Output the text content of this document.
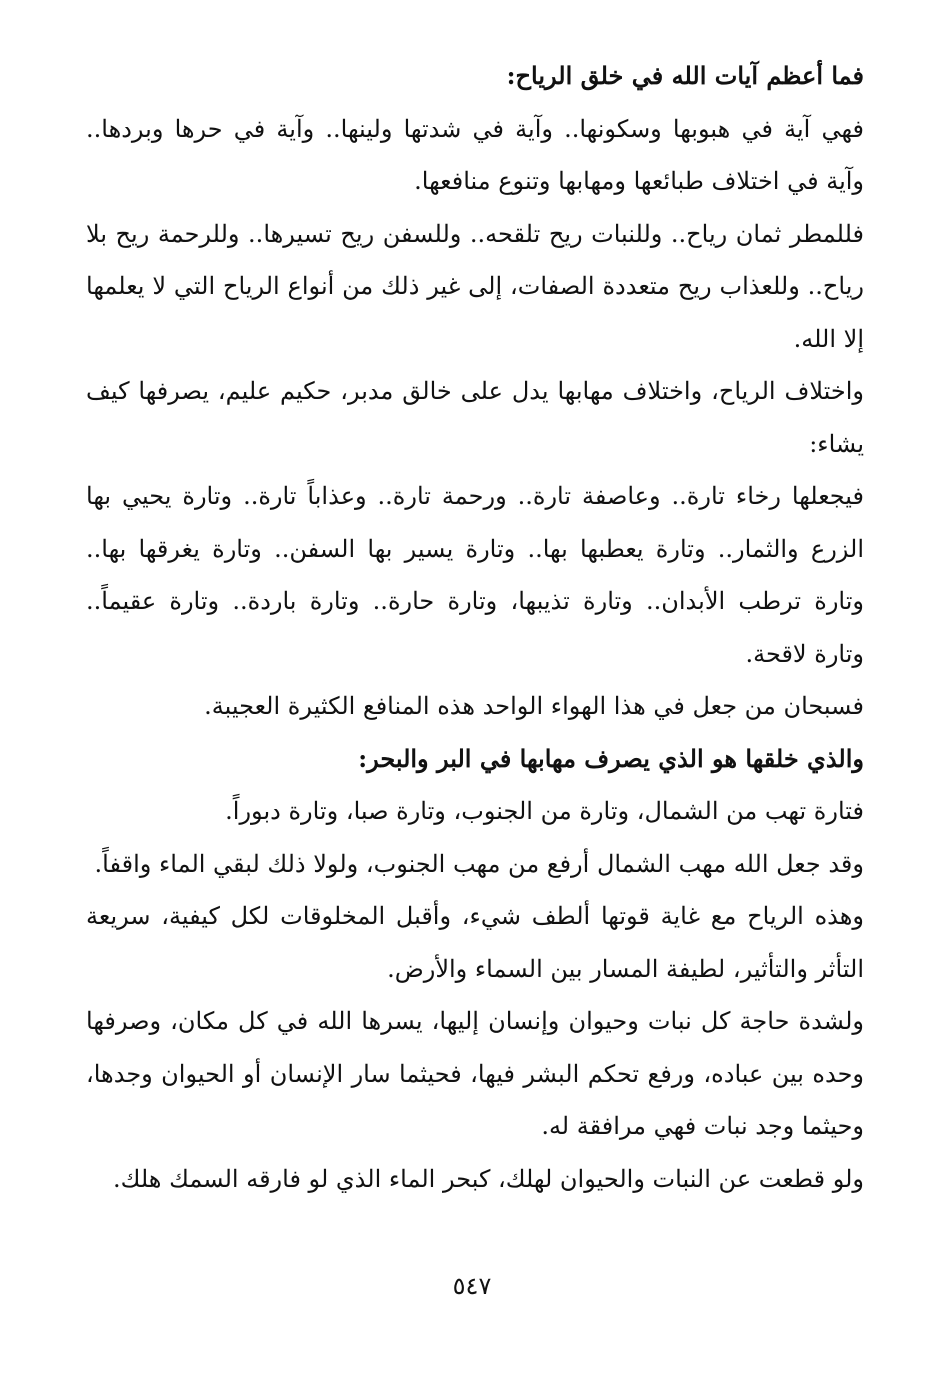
فما أعظم آيات الله في خلق الرياح:

فهي آية في هبوبها وسكونها.. وآية في شدتها ولينها.. وآية في حرها وبردها.. وآية في اختلاف طبائعها ومهابها وتنوع منافعها.

فللمطر ثمان رياح.. وللنبات ريح تلقحه.. وللسفن ريح تسيرها.. وللرحمة ريح بلا رياح.. وللعذاب ريح متعددة الصفات، إلى غير ذلك من أنواع الرياح التي لا يعلمها إلا الله.

واختلاف الرياح، واختلاف مهابها يدل على خالق مدبر، حكيم عليم، يصرفها كيف يشاء:

فيجعلها رخاء تارة.. وعاصفة تارة.. ورحمة تارة.. وعذاباً تارة.. وتارة يحيي بها الزرع والثمار.. وتارة يعطبها بها.. وتارة يسير بها السفن.. وتارة يغرقها بها.. وتارة ترطب الأبدان.. وتارة تذيبها، وتارة حارة.. وتارة باردة.. وتارة عقيماً.. وتارة لاقحة.

فسبحان من جعل في هذا الهواء الواحد هذه المنافع الكثيرة العجيبة.

والذي خلقها هو الذي يصرف مهابها في البر والبحر:

فتارة تهب من الشمال، وتارة من الجنوب، وتارة صبا، وتارة دبوراً.

وقد جعل الله مهب الشمال أرفع من مهب الجنوب، ولولا ذلك لبقي الماء واقفاً.

وهذه الرياح مع غاية قوتها ألطف شيء، وأقبل المخلوقات لكل كيفية، سريعة التأثر والتأثير، لطيفة المسار بين السماء والأرض.

ولشدة حاجة كل نبات وحيوان وإنسان إليها، يسرها الله في كل مكان، وصرفها وحده بين عباده، ورفع تحكم البشر فيها، فحيثما سار الإنسان أو الحيوان وجدها، وحيثما وجد نبات فهي مرافقة له.

ولو قطعت عن النبات والحيوان لهلك، كبحر الماء الذي لو فارقه السمك هلك.

٥٤٧
